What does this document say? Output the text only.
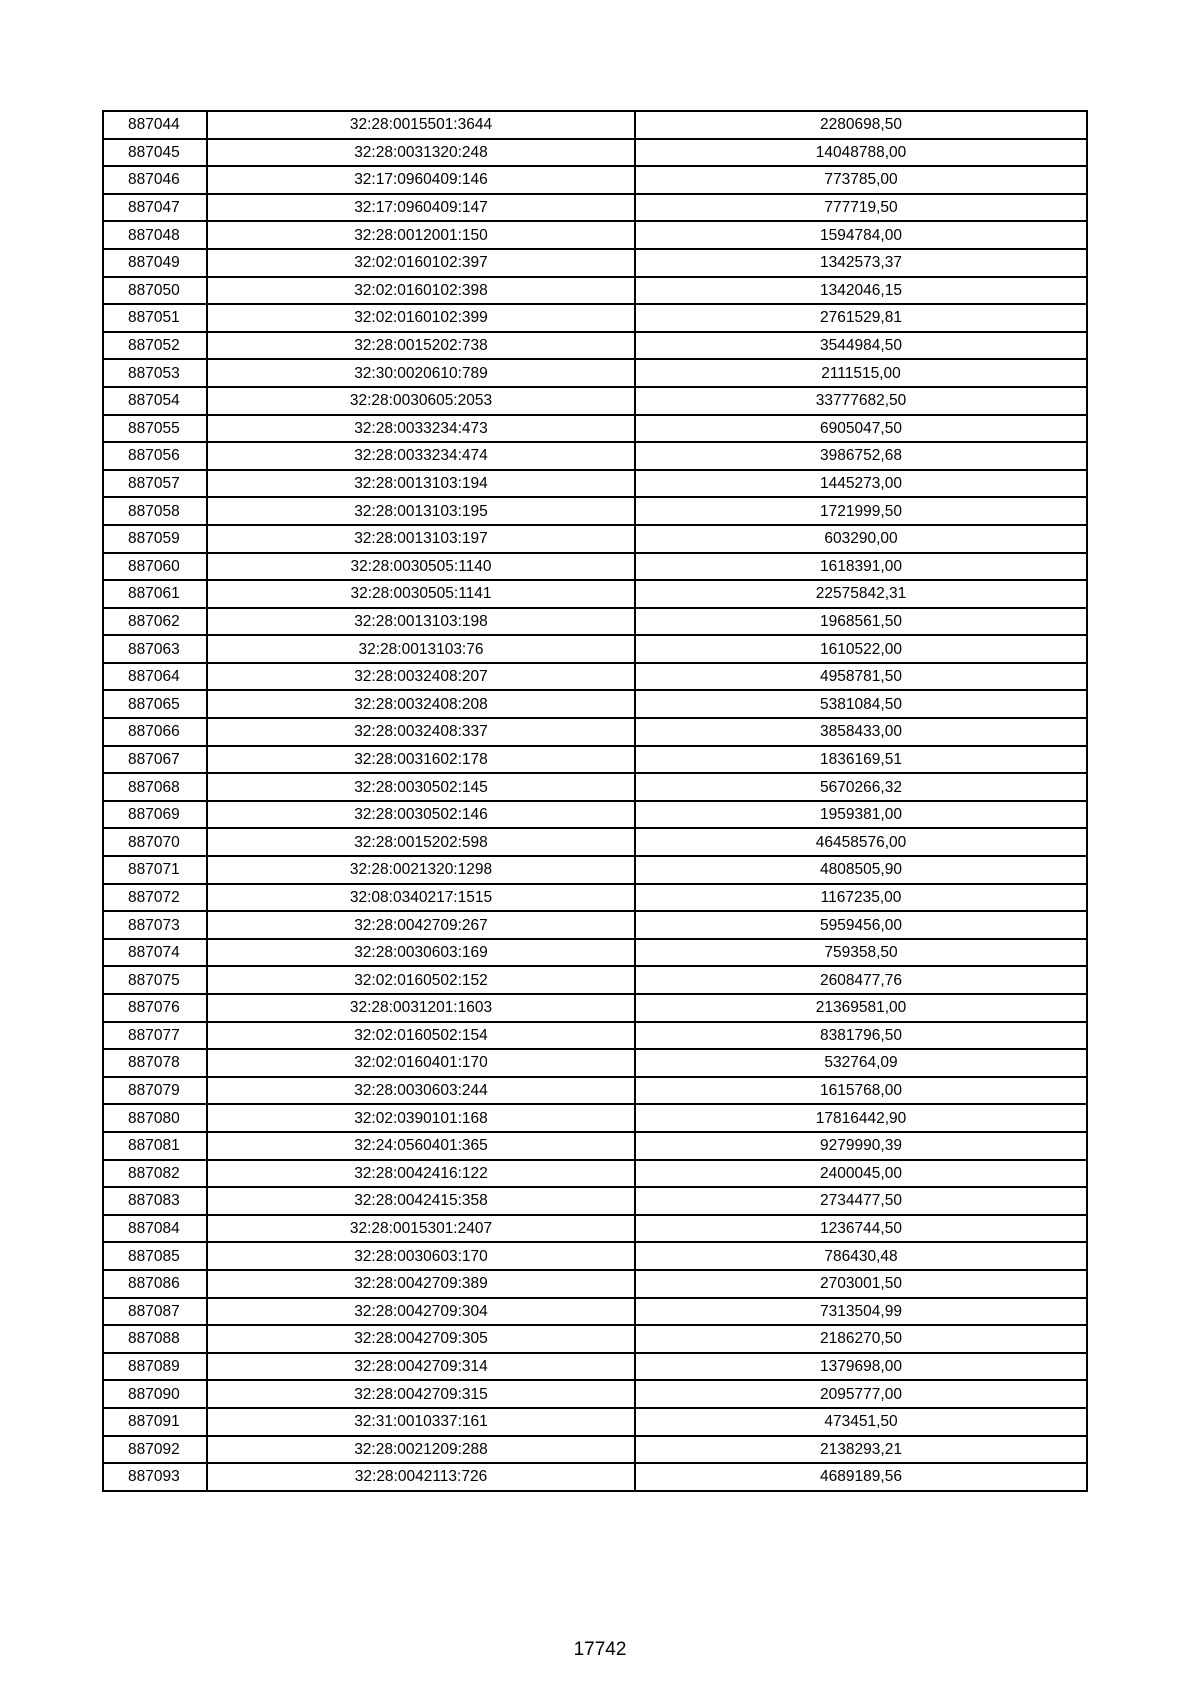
887044	32:28:0015501:3644	2280698,50
887045	32:28:0031320:248	14048788,00
887046	32:17:0960409:146	773785,00
887047	32:17:0960409:147	777719,50
887048	32:28:0012001:150	1594784,00
887049	32:02:0160102:397	1342573,37
887050	32:02:0160102:398	1342046,15
887051	32:02:0160102:399	2761529,81
887052	32:28:0015202:738	3544984,50
887053	32:30:0020610:789	2111515,00
887054	32:28:0030605:2053	33777682,50
887055	32:28:0033234:473	6905047,50
887056	32:28:0033234:474	3986752,68
887057	32:28:0013103:194	1445273,00
887058	32:28:0013103:195	1721999,50
887059	32:28:0013103:197	603290,00
887060	32:28:0030505:1140	1618391,00
887061	32:28:0030505:1141	22575842,31
887062	32:28:0013103:198	1968561,50
887063	32:28:0013103:76	1610522,00
887064	32:28:0032408:207	4958781,50
887065	32:28:0032408:208	5381084,50
887066	32:28:0032408:337	3858433,00
887067	32:28:0031602:178	1836169,51
887068	32:28:0030502:145	5670266,32
887069	32:28:0030502:146	1959381,00
887070	32:28:0015202:598	46458576,00
887071	32:28:0021320:1298	4808505,90
887072	32:08:0340217:1515	1167235,00
887073	32:28:0042709:267	5959456,00
887074	32:28:0030603:169	759358,50
887075	32:02:0160502:152	2608477,76
887076	32:28:0031201:1603	21369581,00
887077	32:02:0160502:154	8381796,50
887078	32:02:0160401:170	532764,09
887079	32:28:0030603:244	1615768,00
887080	32:02:0390101:168	17816442,90
887081	32:24:0560401:365	9279990,39
887082	32:28:0042416:122	2400045,00
887083	32:28:0042415:358	2734477,50
887084	32:28:0015301:2407	1236744,50
887085	32:28:0030603:170	786430,48
887086	32:28:0042709:389	2703001,50
887087	32:28:0042709:304	7313504,99
887088	32:28:0042709:305	2186270,50
887089	32:28:0042709:314	1379698,00
887090	32:28:0042709:315	2095777,00
887091	32:31:0010337:161	473451,50
887092	32:28:0021209:288	2138293,21
887093	32:28:0042113:726	4689189,56
17742
